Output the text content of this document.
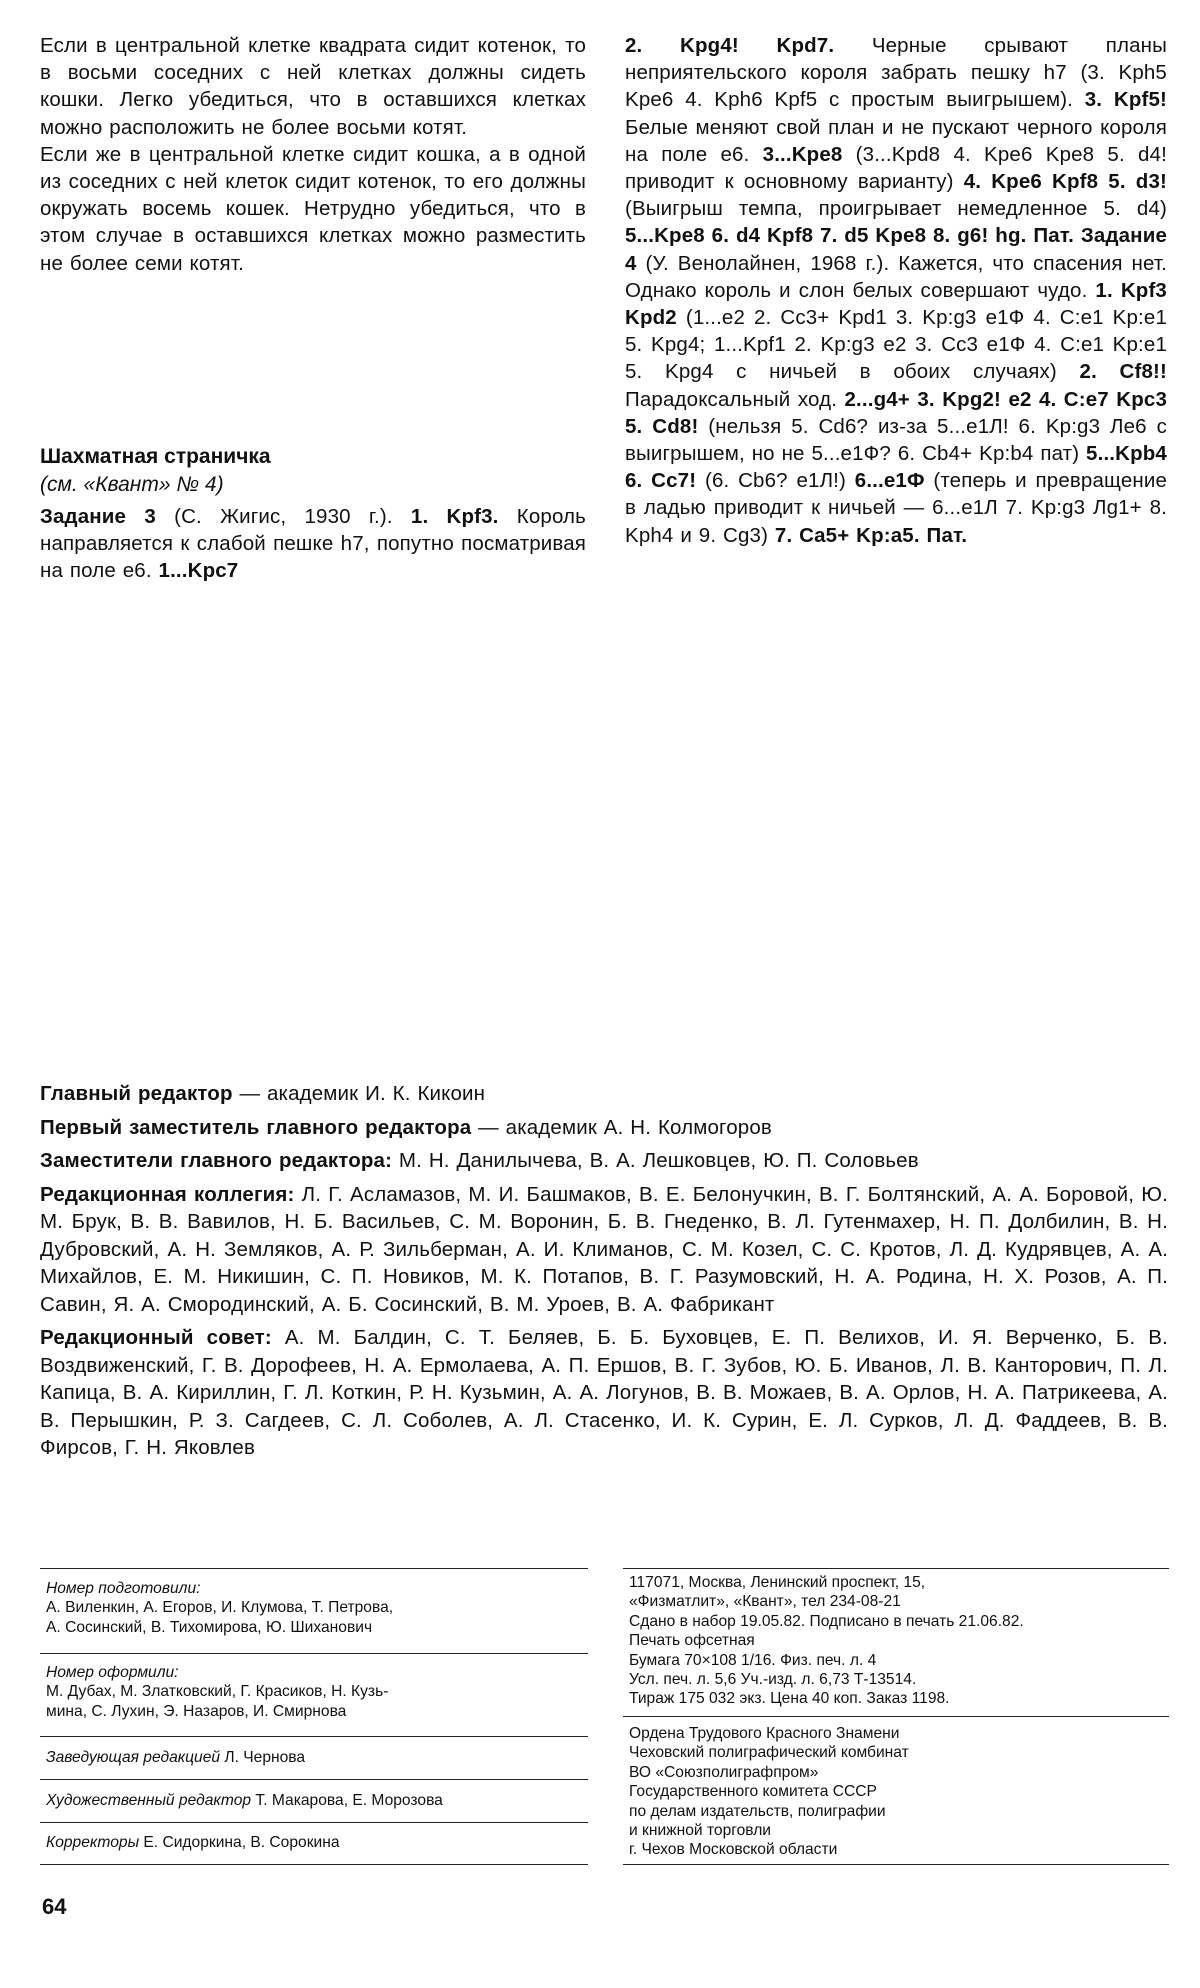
Если в центральной клетке квадрата сидит котенок, то в восьми соседних с ней клетках должны сидеть кошки. Легко убедиться, что в оставшихся клетках можно расположить не более восьми котят.

Если же в центральной клетке сидит кошка, а в одной из соседних с ней клеток сидит котенок, то его должны окружать восемь кошек. Нетрудно убедиться, что в этом случае в оставшихся клетках можно разместить не более семи котят.

Шахматная страничка

(см. «Квант» № 4)

Задание 3 (С. Жигис, 1930 г.). 1. Kpf3. Король направляется к слабой пешке h7, попутно посматривая на поле е6. 1...Kpc7

2. Kpg4! Kpd7. Черные срывают планы неприятельского короля забрать пешку h7 (3. Kph5 Kpe6 4. Kph6 Kpf5 с простым выигрышем). 3. Kpf5! Белые меняют свой план и не пускают черного короля на поле е6. 3...Kpe8 (3...Kpd8 4. Kpe6 Kpe8 5. d4! приводит к основному варианту) 4. Kpe6 Kpf8 5. d3! (Выигрыш темпа, проигрывает немедленное 5. d4) 5...Kpe8 6. d4 Kpf8 7. d5 Kpe8 8. g6! hg. Пат. Задание 4 (У. Венолайнен, 1968 г.). Кажется, что спасения нет. Однако король и слон белых совершают чудо. 1. Kpf3 Kpd2 (1...е2 2. Cc3+ Kpd1 3. Kp:g3 e1Ф 4. C:e1 Kp:e1 5. Kpg4; 1...Kpf1 2. Kp:g3 e2 3. Cc3 e1Ф 4. C:e1 Kp:e1 5. Kpg4 с ничьей в обоих случаях) 2. Cf8!! Парадоксальный ход. 2...g4+ 3. Kpg2! e2 4. C:e7 Kpc3 5. Cd8! (нельзя 5. Cd6? из-за 5...e1Л! 6. Kp:g3 Ле6 с выигрышем, но не 5...e1Ф? 6. Cb4+ Kp:b4 пат) 5...Kpb4 6. Cc7! (6. Cb6? e1Л!) 6...e1Ф (теперь и превращение в ладью приводит к ничьей — 6...e1Л 7. Kp:g3 Лg1+ 8. Kph4 и 9. Cg3) 7. Ca5+ Kp:a5. Пат.

Главный редактор — академик И. К. Кикоин

Первый заместитель главного редактора — академик А. Н. Колмогоров

Заместители главного редактора: М. Н. Данилычева, В. А. Лешковцев, Ю. П. Соловьев

Редакционная коллегия: Л. Г. Асламазов, М. И. Башмаков, В. Е. Белонучкин, В. Г. Болтянский, А. А. Боровой, Ю. М. Брук, В. В. Вавилов, Н. Б. Васильев, С. М. Воронин, Б. В. Гнеденко, В. Л. Гутенмахер, Н. П. Долбилин, В. Н. Дубровский, А. Н. Земляков, А. Р. Зильберман, А. И. Климанов, С. М. Козел, С. С. Кротов, Л. Д. Кудрявцев, А. А. Михайлов, Е. М. Никишин, С. П. Новиков, М. К. Потапов, В. Г. Разумовский, Н. А. Родина, Н. Х. Розов, А. П. Савин, Я. А. Смородинский, А. Б. Сосинский, В. М. Уроев, В. А. Фабрикант

Редакционный совет: А. М. Балдин, С. Т. Беляев, Б. Б. Буховцев, Е. П. Велихов, И. Я. Верченко, Б. В. Воздвиженский, Г. В. Дорофеев, Н. А. Ермолаева, А. П. Ершов, В. Г. Зубов, Ю. Б. Иванов, Л. В. Канторович, П. Л. Капица, В. А. Кириллин, Г. Л. Коткин, Р. Н. Кузьмин, А. А. Логунов, В. В. Можаев, В. А. Орлов, Н. А. Патрикеева, А. В. Перышкин, Р. З. Сагдеев, С. Л. Соболев, А. Л. Стасенко, И. К. Сурин, Е. Л. Сурков, Л. Д. Фаддеев, В. В. Фирсов, Г. Н. Яковлев

Номер подготовили:

А. Виленкин, А. Егоров, И. Клумова, Т. Петрова,

А. Сосинский, В. Тихомирова, Ю. Шиханович

Номер оформили:

М. Дубах, М. Златковский, Г. Красиков, Н. Кузь-

мина, С. Лухин, Э. Назаров, И. Смирнова

Заведующая редакцией Л. Чернова

Художественный редактор Т. Макарова, Е. Морозова

Корректоры Е. Сидоркина, В. Сорокина

117071, Москва, Ленинский проспект, 15,

«Физматлит», «Квант», тел 234-08-21

Сдано в набор 19.05.82. Подписано в печать 21.06.82.

Печать офсетная

Бумага 70×108 1/16. Физ. печ. л. 4

Усл. печ. л. 5,6 Уч.-изд. л. 6,73 Т-13514.

Тираж 175 032 экз. Цена 40 коп. Заказ 1198.

Ордена Трудового Красного Знамени

Чеховский полиграфический комбинат

ВО «Союзполиграфпром»

Государственного комитета СССР

по делам издательств, полиграфии

и книжной торговли

г. Чехов Московской области

64
